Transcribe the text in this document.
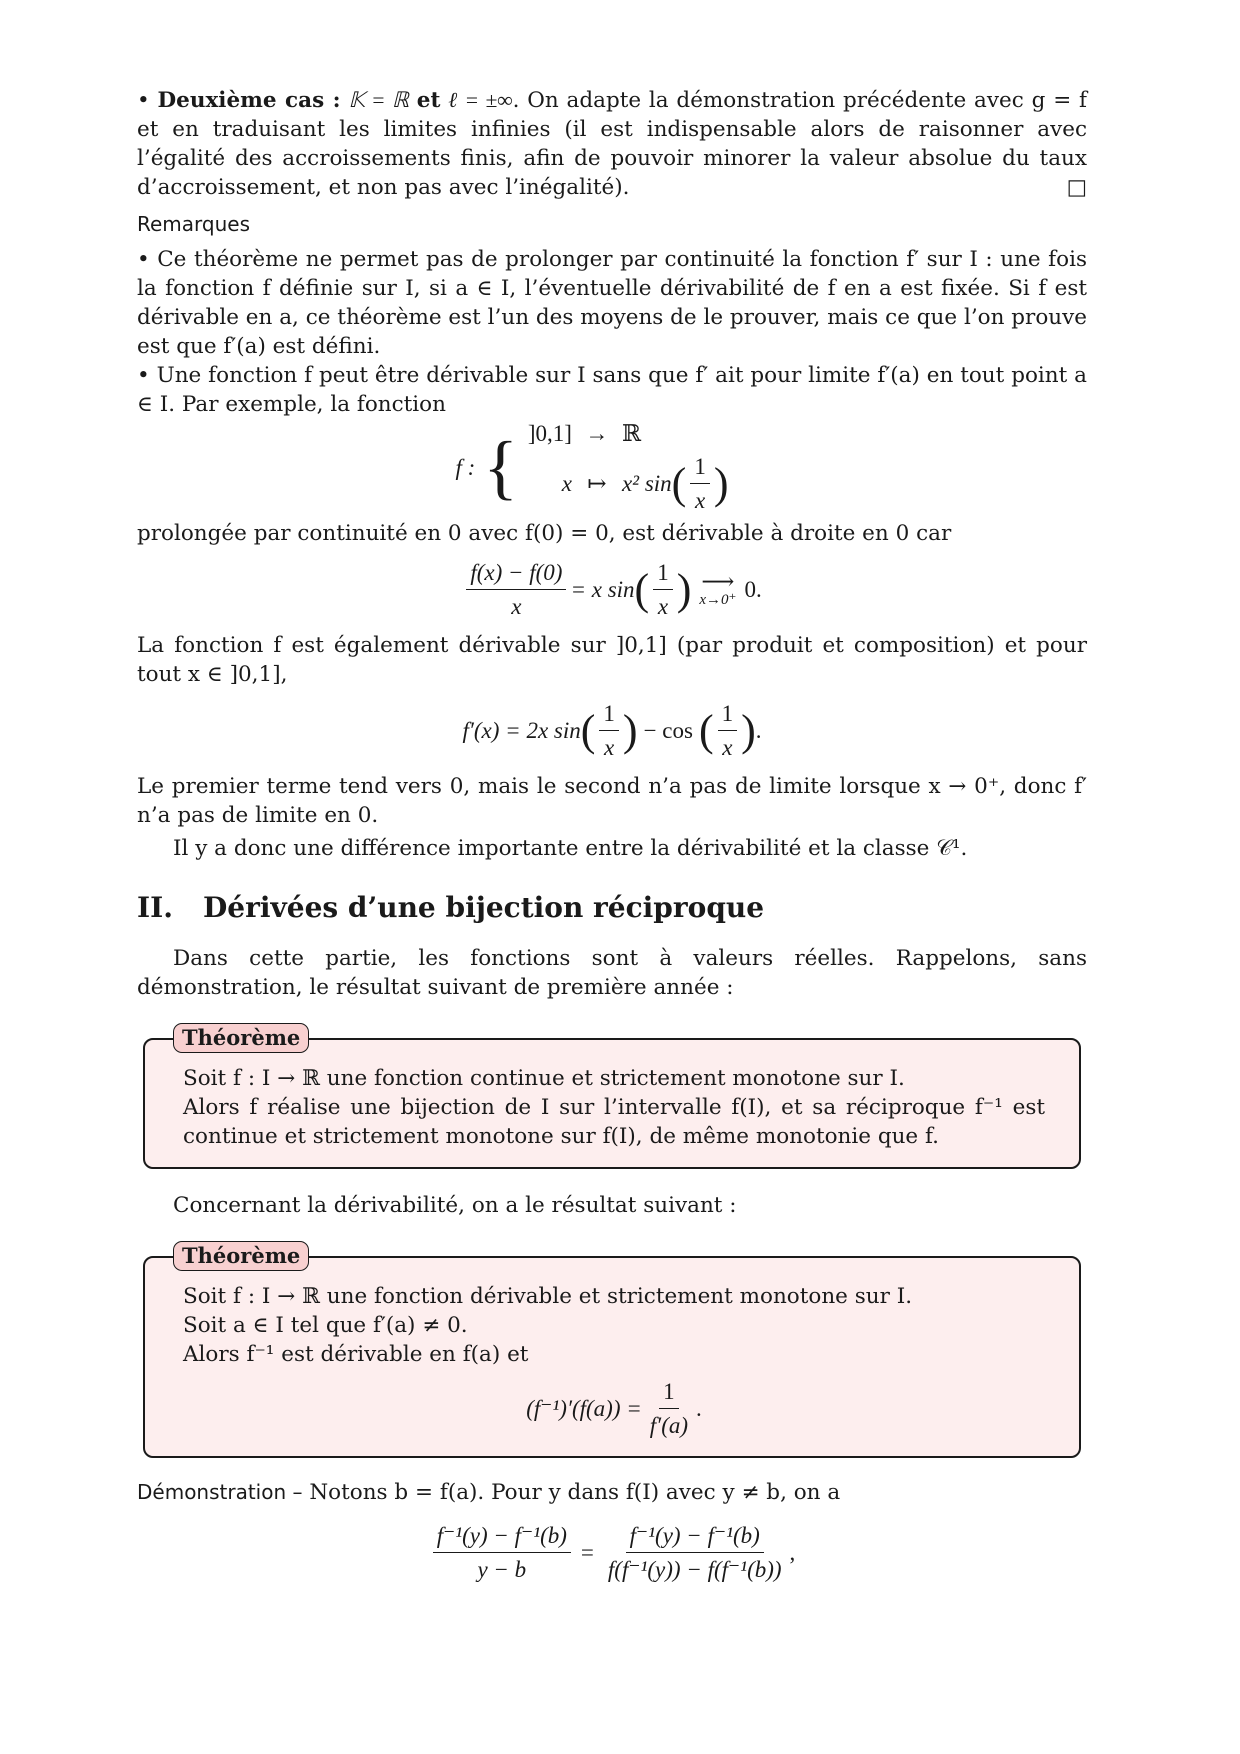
• Deuxième cas : 𝕂 = ℝ et ℓ = ±∞. On adapte la démonstration précédente avec g = f et en traduisant les limites infinies (il est indispensable alors de raisonner avec l’égalité des accroissements finis, afin de pouvoir minorer la valeur absolue du taux d’accroissement, et non pas avec l’inégalité).	□

Remarques

• Ce théorème ne permet pas de prolonger par continuité la fonction f′ sur I : une fois la fonction f définie sur I, si a ∈ I, l’éventuelle dérivabilité de f en a est fixée. Si f est dérivable en a, ce théorème est l’un des moyens de le prouver, mais ce que l’on prouve est que f′(a) est défini.

• Une fonction f peut être dérivable sur I sans que f′ ait pour limite f′(a) en tout point a ∈ I. Par exemple, la fonction

f : { ]0,1] → ℝ
x ↦ x² sin ( $\frac{1}{x}$ )

prolongée par continuité en 0 avec f(0) = 0, est dérivable à droite en 0 car

$\frac{f(x) - f(0)}{x} = x$ sin ( $\frac{1}{x}$ ) ⟶
x→0⁺ 0.

La fonction f est également dérivable sur ]0,1] (par produit et composition) et pour tout x ∈ ]0,1],

f′(x) = 2x sin ( $\frac{1}{x}$ ) − cos ( $\frac{1}{x}$ ) .

Le premier terme tend vers 0, mais le second n’a pas de limite lorsque x → 0⁺, donc f′ n’a pas de limite en 0.

Il y a donc une différence importante entre la dérivabilité et la classe 𝒞¹.

II. Dérivées d’une bijection réciproque

Dans cette partie, les fonctions sont à valeurs réelles. Rappelons, sans démonstration, le résultat suivant de première année :

Théorème

Soit f : I → ℝ une fonction continue et strictement monotone sur I.

Alors f réalise une bijection de I sur l’intervalle f(I), et sa réciproque f⁻¹ est continue et strictement monotone sur f(I), de même monotonie que f.

Concernant la dérivabilité, on a le résultat suivant :

Théorème

Soit f : I → ℝ une fonction dérivable et strictement monotone sur I.

Soit a ∈ I tel que f′(a) ≠ 0.

Alors f⁻¹ est dérivable en f(a) et

$(f^{-1})'(f(a)) = \frac{1}{f'(a)}$ .

Démonstration – Notons b = f(a). Pour y dans f(I) avec y ≠ b, on a

$\frac{\text{f⁻¹(y) − f⁻¹(b)}}{y - b} = \frac{\text{f⁻¹(y) − f⁻¹(b)}}{\text{f(f⁻¹(y)) − f(f⁻¹(b))}}$ ,
